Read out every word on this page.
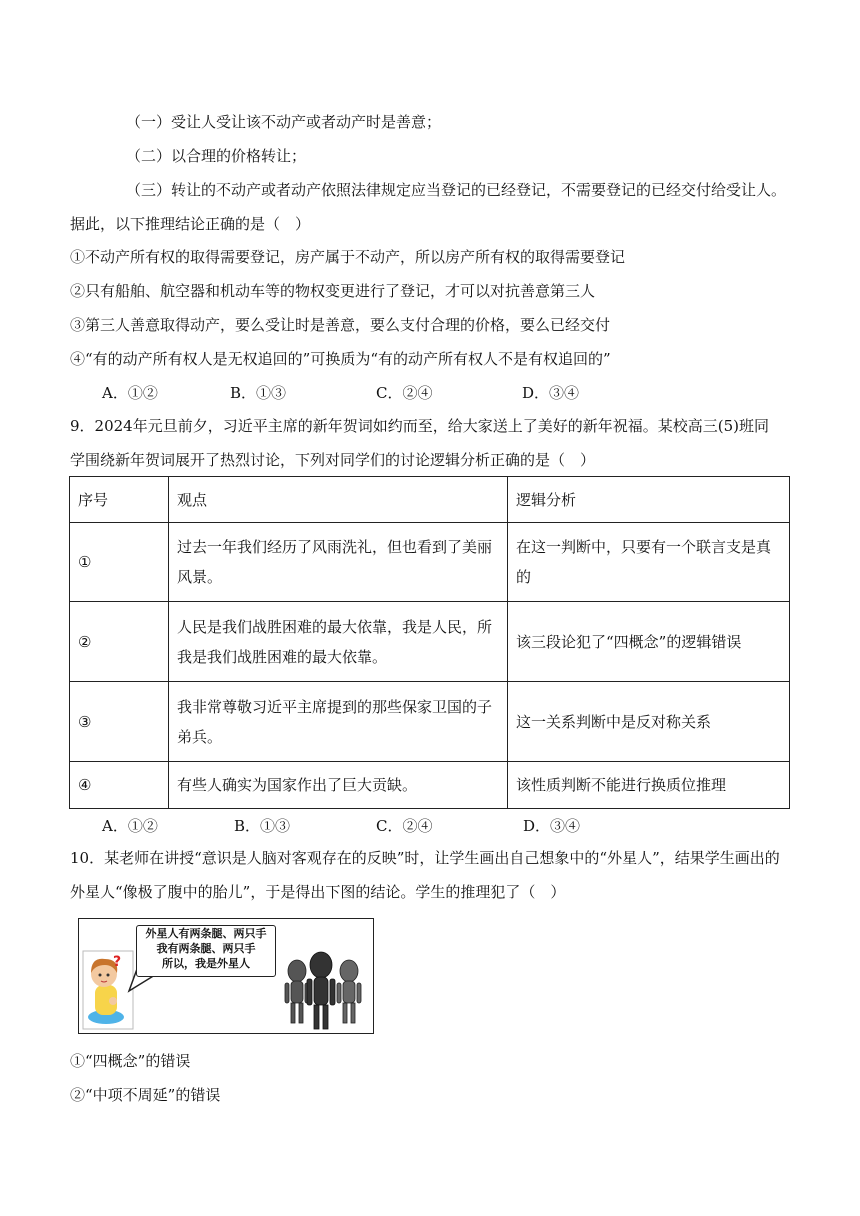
（一）受让人受让该不动产或者动产时是善意；
（二）以合理的价格转让；
（三）转让的不动产或者动产依照法律规定应当登记的已经登记，不需要登记的已经交付给受让人。
据此，以下推理结论正确的是（　）
①不动产所有权的取得需要登记，房产属于不动产，所以房产所有权的取得需要登记
②只有船舶、航空器和机动车等的物权变更进行了登记，才可以对抗善意第三人
③第三人善意取得动产，要么受让时是善意，要么支付合理的价格，要么已经交付
④“有的动产所有权人是无权追回的”可换质为“有的动产所有权人不是有权追回的”
A．①②	B．①③	C．②④	D．③④
9．2024年元旦前夕，习近平主席的新年贺词如约而至，给大家送上了美好的新年祝福。某校高三(5)班同
学围绕新年贺词展开了热烈讨论，下列对同学们的讨论逻辑分析正确的是（　）
序号	观点	逻辑分析
①	过去一年我们经历了风雨洗礼，但也看到了美丽风景。	在这一判断中，只要有一个联言支是真的
②	人民是我们战胜困难的最大依靠，我是人民，所我是我们战胜困难的最大依靠。	该三段论犯了“四概念”的逻辑错误
③	我非常尊敬习近平主席提到的那些保家卫国的子弟兵。	这一关系判断中是反对称关系
④	有些人确实为国家作出了巨大贡缺。	该性质判断不能进行换质位推理
A．①②	B．①③	C．②④	D．③④
10．某老师在讲授“意识是人脑对客观存在的反映”时，让学生画出自己想象中的“外星人”，结果学生画出的
外星人“像极了腹中的胎儿”，于是得出下图的结论。学生的推理犯了（　）
?
外星人有两条腿、两只手
我有两条腿、两只手
所以，我是外星人
①“四概念”的错误
②“中项不周延”的错误
